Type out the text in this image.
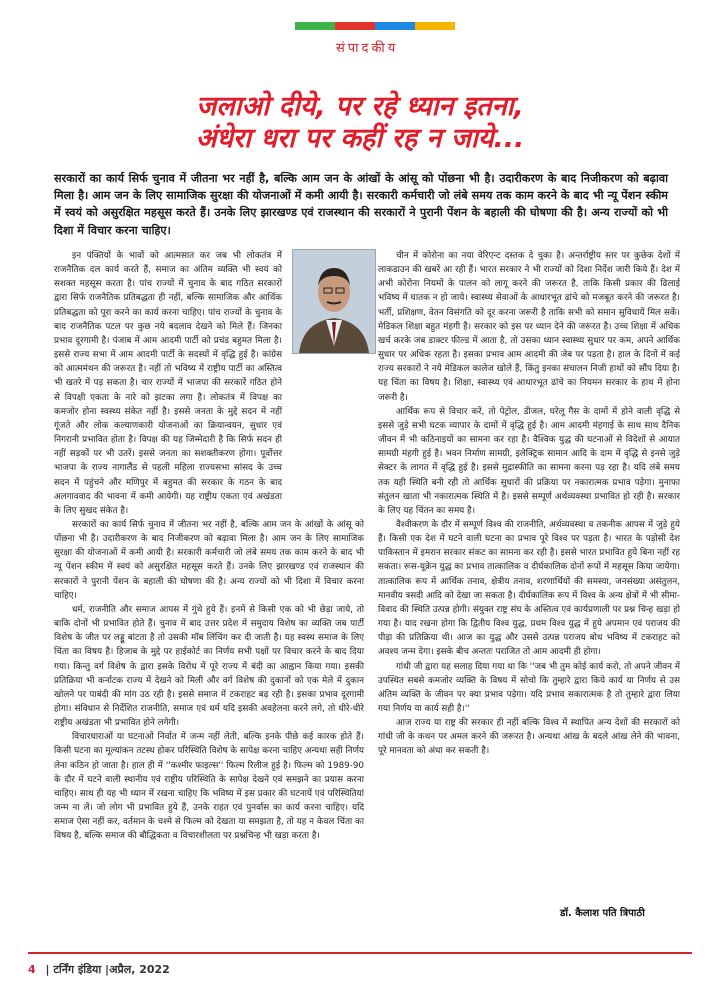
संपादकीय
जलाओ दीये, पर रहे ध्यान इतना,
अंधेरा धरा पर कहीं रह न जाये...
सरकारों का कार्य सिर्फ चुनाव में जीतना भर नहीं है, बल्कि आम जन के आंखों के आंसू को पोंछना भी है। उदारीकरण के बाद निजीकरण को बढ़ावा मिला है। आम जन के लिए सामाजिक सुरक्षा की योजनाओं में कमी आयी है। सरकारी कर्मचारी जो लंबे समय तक काम करने के बाद भी न्यू पेंशन स्कीम में स्वयं को असुरक्षित महसूस करते हैं। उनके लिए झारखण्ड एवं राजस्थान की सरकारों ने पुरानी पेंशन के बहाली की घोषणा की है। अन्य राज्यों को भी दिशा में विचार करना चाहिए।

इन पंक्तियों के भावों को आत्मसात कर जब भी लोकतंत्र में राजनैतिक दल कार्य करते हैं, समाज का अंतिम व्यक्ति भी स्वयं को सशक्त महसूस करता है। पांच राज्यों में चुनाव के बाद गठित सरकारों द्वारा सिर्फ राजनैतिक प्रतिबद्धता ही नहीं, बल्कि सामाजिक और आर्थिक प्रतिबद्धता को पूरा करने का कार्य करना चाहिए। पांच राज्यों के चुनाव के बाद राजनैतिक पटल पर कुछ नये बदलाव देखने को मिले हैं। जिनका प्रभाव दूरगामी है। पंजाब में आम आदमी पार्टी को प्रचंड बहुमत मिला है। इससे राज्य सभा में आम आदमी पार्टी के सदस्यों में वृद्धि हुई है। कांग्रेस को आत्ममंथन की जरूरत है। नहीं तो भविष्य में राष्ट्रीय पार्टी का अस्तित्व भी खतरे में पड़ सकता है। चार राज्यों में भाजपा की सरकारें गठित होने से विपक्षी एकता के नारे को झटका लगा है। लोकतंत्र में विपक्ष का कमजोर होना स्वस्थ्य संकेत नहीं है। इससे जनता के मुद्दे सदन में नहीं गूंजते और लोक कल्याणकारी योजनाओं का क्रियान्वयन, सुधार एवं निगरानी प्रभावित होता है। विपक्ष की यह जिम्मेदारी है कि सिर्फ सदन ही नहीं सड़कों पर भी उतरें। इससे जनता का सशक्तीकरण होगा। पूर्वोत्तर भाजपा के राज्य नागालैंड से पहली महिला राज्यसभा सांसद के उच्च सदन में पहुंचने और मणिपुर में बहुमत की सरकार के गठन के बाद अलगाववाद की भावना में कमी आयेगी। यह राष्ट्रीय एकता एवं अखंडता के लिए सुखद संकेत है।

सरकारों का कार्य सिर्फ चुनाव में जीतना भर नहीं है, बल्कि आम जन के आंखों के आंसू को पोंछना भी है। उदारीकरण के बाद निजीकरण को बढ़ावा मिला है। आम जन के लिए सामाजिक सुरक्षा की योजनाओं में कमी आयी है। सरकारी कर्मचारी जो लंबे समय तक काम करने के बाद भी न्यू पेंशन स्कीम में स्वयं को असुरक्षित महसूस करते हैं। उनके लिए झारखण्ड एवं राजस्थान की सरकारों ने पुरानी पेंशन के बहाली की घोषणा की है। अन्य राज्यों को भी दिशा में विचार करना चाहिए।

धर्म, राजनीति और समाज आपस में गुंथे हुये हैं। इनमें से किसी एक को भी छेड़ा जाये, तो बाकि दोनों भी प्रभावित होते हैं। चुनाव में बाद उत्तर प्रदेश में समुदाय विशेष का व्यक्ति जब पार्टी विशेष के जीत पर लड्डू बांटता है तो उसकी मॉब लिंचिंग कर दी जाती है। यह स्वस्थ समाज के लिए चिंता का विषय है। हिजाब के मुद्दे पर हाईकोर्ट का निर्णय सभी पक्षों पर विचार करने के बाद दिया गया। किन्तु वर्ग विशेष के द्वारा इसके विरोध में पूरे राज्य में बंदी का आह्वान किया गया। इसकी प्रतिक्रिया भी कर्नाटक राज्य में देखने को मिली और वर्ग विशेष की दुकानों को एक मेले में दुकान खोलने पर पाबंदी की मांग उठ रही है। इससे समाज में टकराहट बढ़ रही है। इसका प्रभाव दूरगामी होगा। संविधान से निर्देशित राजनीति, समाज एवं धर्म यदि इसकी अवहेलना करने लगे, तो धीरे-धीरे राष्ट्रीय अखंडता भी प्रभावित होने लगेगी।

विचारधाराओं या घटनाओं निर्वात में जन्म नहीं लेती, बल्कि इनके पीछे कई कारक होते हैं। किसी घटना का मूल्यांकन तटस्थ होकर परिस्थिति विशेष के सापेक्ष करना चाहिए अन्यथा सही निर्णय लेना कठिन हो जाता है। हाल ही में ''कश्मीर फाइल्स'' फिल्म रिलीज हुई है। फिल्म को 1989-90 के दौर में घटने वाली स्थानीय एवं राष्ट्रीय परिस्थिति के सापेक्ष देखने एवं समझने का प्रयास करना चाहिए। साथ ही यह भी ध्यान में रखना चाहिए कि भविष्य में इस प्रकार की घटनायें एवं परिस्थितियां जन्म ना लें। जो लोग भी प्रभावित हुये हैं, उनके राहत एवं पुनर्वास का कार्य करना चाहिए। यदि समाज ऐसा नहीं कर, वर्तमान के चश्मे से फिल्म को देखता या समझता है, तो यह न केवल चिंता का विषय है, बल्कि समाज की बौद्धिकता व विचारशीलता पर प्रश्नचिन्ह भी खड़ा करता है।

चीन में कोरोना का नया वेरिएन्ट दस्तक दे चुका है। अन्तर्राष्ट्रीय स्तर पर कुछेक देशों में लाकडाउन की खबरें आ रही हैं। भारत सरकार ने भी राज्यों को दिशा निर्देश जारी किये हैं। देश में अभी कोरोना नियमों के पालन को लागू करने की जरूरत है, ताकि किसी प्रकार की ढिलाई भविष्य में घातक न हो जाये। स्वास्थ्य सेवाओं के आधारभूत ढांचे को मजबूत करने की जरूरत है। भर्ती, प्रशिक्षण, वेतन विसंगति को दूर करना जरूरी है ताकि सभी को समान सुविधायें मिल सकें। मेडिकल शिक्षा बहुत मंहगी है। सरकार को इस पर ध्यान देने की जरूरत है। उच्च शिक्षा में अधिक खर्च करके जब डाक्टर फील्ड में आता है, तो उसका ध्यान स्वास्थ्य सुधार पर कम, अपने आर्थिक सुधार पर अधिक रहता है। इसका प्रभाव आम आदमी की जेब पर पड़ता है। हाल के दिनों में कई राज्य सरकारों ने नये मेडिकल कालेज खोले हैं, किंतु इनका संचालन निजी हाथों को सौंप दिया है। यह चिंता का विषय है। शिक्षा, स्वास्थ्य एवं आधारभूत ढांचे का नियमन सरकार के हाथ में होना जरूरी है।

आर्थिक रूप से विचार करें, तो पेट्रोल, डीजल, घरेलू गैस के दामों में होने वाली वृद्धि से इससे जुड़े सभी घटक व्यापार के दामों में वृद्धि हुई है। आम आदमी मंहगाई के साथ साथ दैनिक जीवन में भी कठिनाइयों का सामना कर रहा है। वैश्विक युद्ध की घटनाओं से विदेशों से आयात सामग्री मंहगी हुई है। भवन निर्माण सामग्री, इलेक्ट्रिक सामान आदि के दाम में वृद्धि से इनसे जुड़े सेक्टर के लागत में वृद्धि हुई है। इससे मुद्रास्फीति का सामना करना पड़ रहा है। यदि लंबे समय तक यही स्थिति बनी रही तो आर्थिक सुधारों की प्रक्रिया पर नकारात्मक प्रभाव पड़ेगा। मुनाफा संतुलन खाता भी नकारात्मक स्थिति में है। इससे सम्पूर्ण अर्थव्यवस्था प्रभावित हो रही है। सरकार के लिए यह चिंतन का समय है।

वैश्वीकरण के दौर में सम्पूर्ण विश्व की राजनीति, अर्थव्यवस्था व तकनीक आपस में जुड़े हुये हैं। किसी एक देश में घटने वाली घटना का प्रभाव पूरे विश्व पर पड़ता है। भारत के पड़ोसी देश पाकिस्तान में इमरान सरकार संकट का सामना कर रही है। इससे भारत प्रभावित हुये बिना नहीं रह सकता। रूस-यूक्रेन युद्ध का प्रभाव तात्कालिक व दीर्घकालिक दोनों रूपों में महसूस किया जायेगा। तात्कालिक रूप में आर्थिक तनाव, क्षेत्रीय तनाव, शरणार्थियों की समस्या, जनसंख्या असंतुलन, मानवीय त्रसदी आदि को देखा जा सकता है। दीर्घकालिक रूप में विश्व के अन्य क्षेत्रों में भी सीमा-विवाद की स्थिति उत्पन्न होगी। संयुक्त राष्ट्र संघ के अस्तित्व एवं कार्यप्रणाली पर प्रश्न चिन्ह खड़ा हो गया है। याद रखना होगा कि द्वितीय विश्व युद्ध, प्रथम विश्व युद्ध में हुये अपमान एवं पराजय की पीड़ा की प्रतिक्रिया थी। आज का युद्ध और उससे उत्पन्न पराजय बोध भविष्य में टकराहट को अवश्य जन्म देगा। इसके बीच अन्ततः पराजित तो आम आदमी ही होगा।

गांधी जी द्वारा यह सलाह दिया गया था कि ''जब भी तुम कोई कार्य करो, तो अपने जीवन में उपस्थित सबसे कमजोर व्यक्ति के विषय में सोचो कि तुम्हारे द्वारा किये कार्य या निर्णय से उस अंतिम व्यक्ति के जीवन पर क्या प्रभाव पड़ेगा। यदि प्रभाव सकारात्मक है तो तुम्हारे द्वारा लिया गया निर्णय या कार्य सही है।''

आज राज्य या राष्ट्र की सरकार ही नहीं बल्कि विश्व में स्थापित अन्य देशों की सरकारों को गांधी जी के कथन पर अमल करने की जरूरत है। अन्यथा आंख के बदले आंख लेने की भावना, पूरे मानवता को अंधा कर सकती है।

डॉ. कैलाश पति त्रिपाठी
4 | टर्निंग इंडिया |अप्रैल, 2022
